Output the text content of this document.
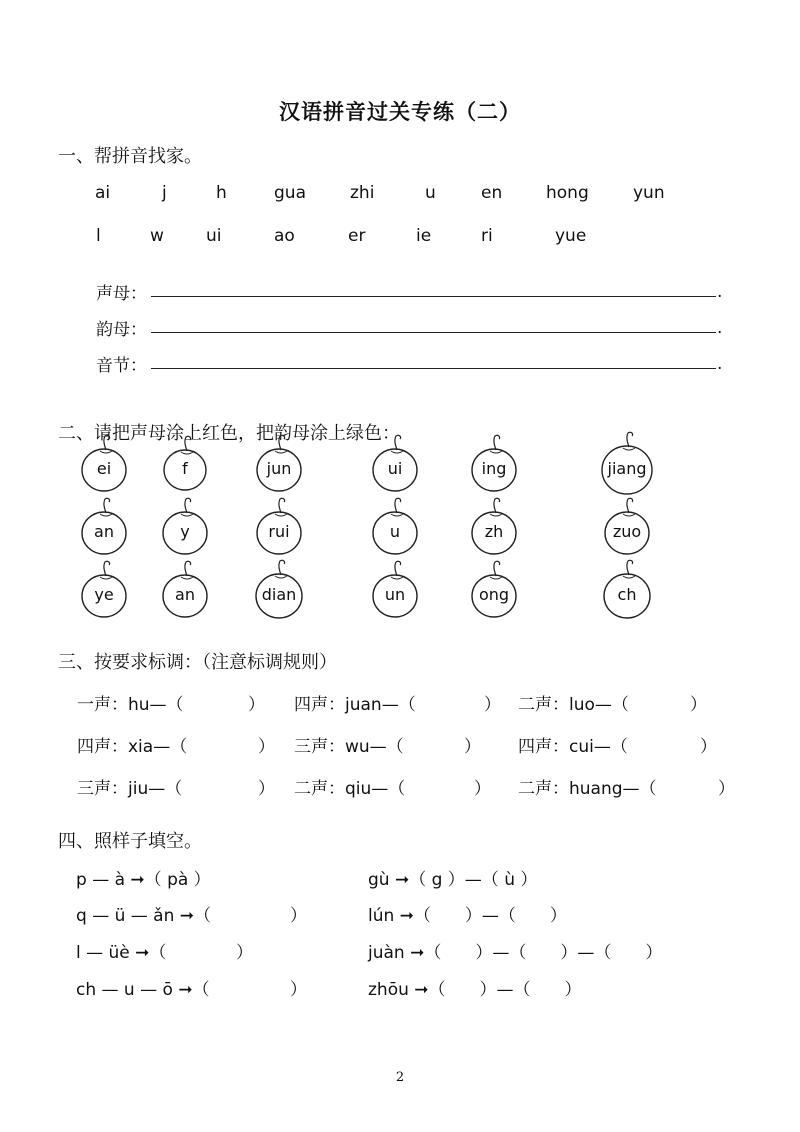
汉语拼音过关专练（二）
一、帮拼音找家。
ai	j	h	gua	zhi	u	en	hong	yun
l	w ui	ao	er	ie	ri	yue
声母：	.
韵母：	.
音节：	.
二、请把声母涂上红色，把韵母涂上绿色：
ei	f	jun	ui	ing	jiang
an	y	rui	u	zh	zuo
ye	an	dian	un	ong	ch
三、按要求标调：（注意标调规则）
一声：hu—（	） 四声：juan—（	） 二声：luo—（	）
四声：xia—（	） 三声：wu—（	） 四声：cui—（	）
三声：jiu—（	） 二声：qiu—（	） 二声：huang—（	）
四、照样子填空。
p — à ➞（ pà ）
q — ü — ǎn ➞（	）
l — üè ➞（	）
ch — u — ō ➞（	）
gù ➞（ g ）—（ ù ）
lún ➞（　　）—（　　）
juàn ➞（　　）—（　　）—（　　）
zhōu ➞（　　）—（　　）
2
